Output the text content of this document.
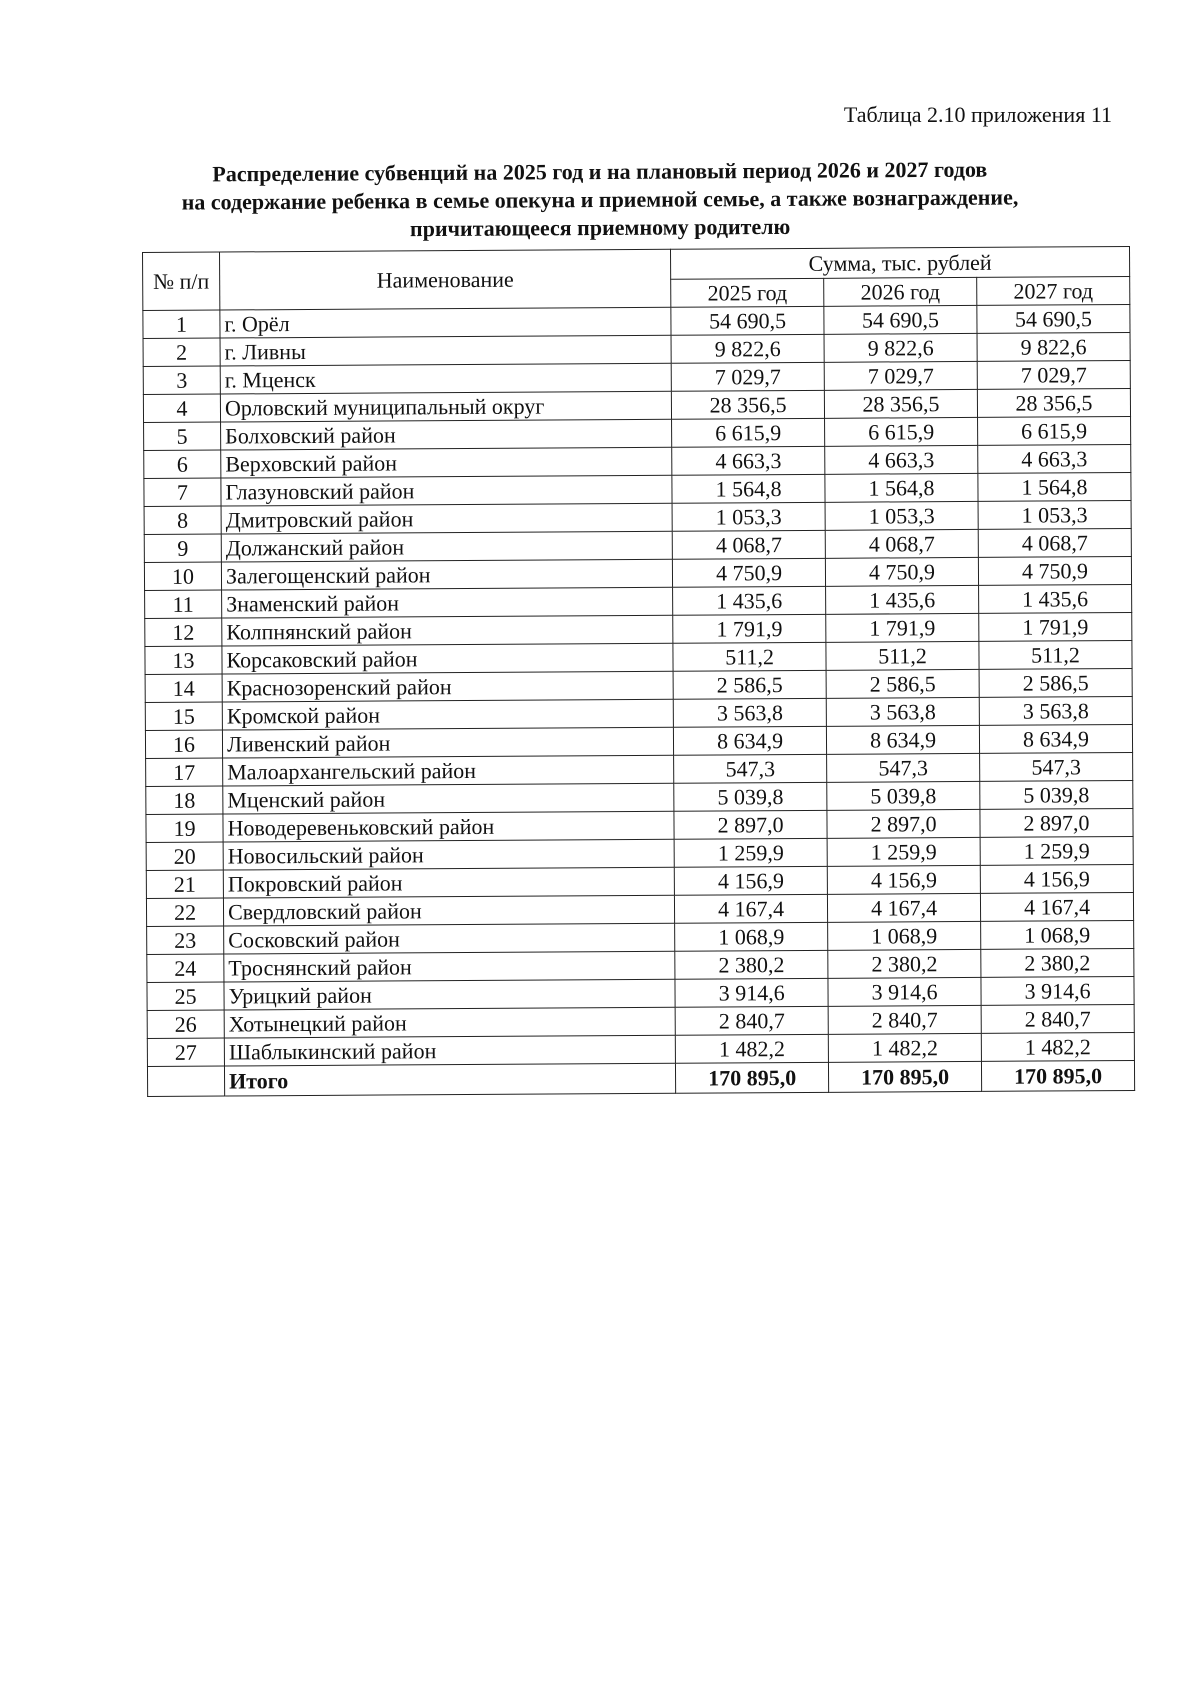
Таблица 2.10 приложения 11
Распределение субвенций на 2025 год и на плановый период 2026 и 2027 годов
на содержание ребенка в семье опекуна и приемной семье, а также вознаграждение,
причитающееся приемному родителю
№ п/п	Наименование	Сумма, тыс. рублей		
		2025 год	2026 год	2027 год
1	г. Орёл	54 690,5	54 690,5	54 690,5
2	г. Ливны	9 822,6	9 822,6	9 822,6
3	г. Мценск	7 029,7	7 029,7	7 029,7
4	Орловский муниципальный округ	28 356,5	28 356,5	28 356,5
5	Болховский район	6 615,9	6 615,9	6 615,9
6	Верховский район	4 663,3	4 663,3	4 663,3
7	Глазуновский район	1 564,8	1 564,8	1 564,8
8	Дмитровский район	1 053,3	1 053,3	1 053,3
9	Должанский район	4 068,7	4 068,7	4 068,7
10	Залегощенский район	4 750,9	4 750,9	4 750,9
11	Знаменский район	1 435,6	1 435,6	1 435,6
12	Колпнянский район	1 791,9	1 791,9	1 791,9
13	Корсаковский район	511,2	511,2	511,2
14	Краснозоренский район	2 586,5	2 586,5	2 586,5
15	Кромской район	3 563,8	3 563,8	3 563,8
16	Ливенский район	8 634,9	8 634,9	8 634,9
17	Малоархангельский район	547,3	547,3	547,3
18	Мценский район	5 039,8	5 039,8	5 039,8
19	Новодеревеньковский район	2 897,0	2 897,0	2 897,0
20	Новосильский район	1 259,9	1 259,9	1 259,9
21	Покровский район	4 156,9	4 156,9	4 156,9
22	Свердловский район	4 167,4	4 167,4	4 167,4
23	Сосковский район	1 068,9	1 068,9	1 068,9
24	Троснянский район	2 380,2	2 380,2	2 380,2
25	Урицкий район	3 914,6	3 914,6	3 914,6
26	Хотынецкий район	2 840,7	2 840,7	2 840,7
27	Шаблыкинский район	1 482,2	1 482,2	1 482,2
	Итого	170 895,0	170 895,0	170 895,0
